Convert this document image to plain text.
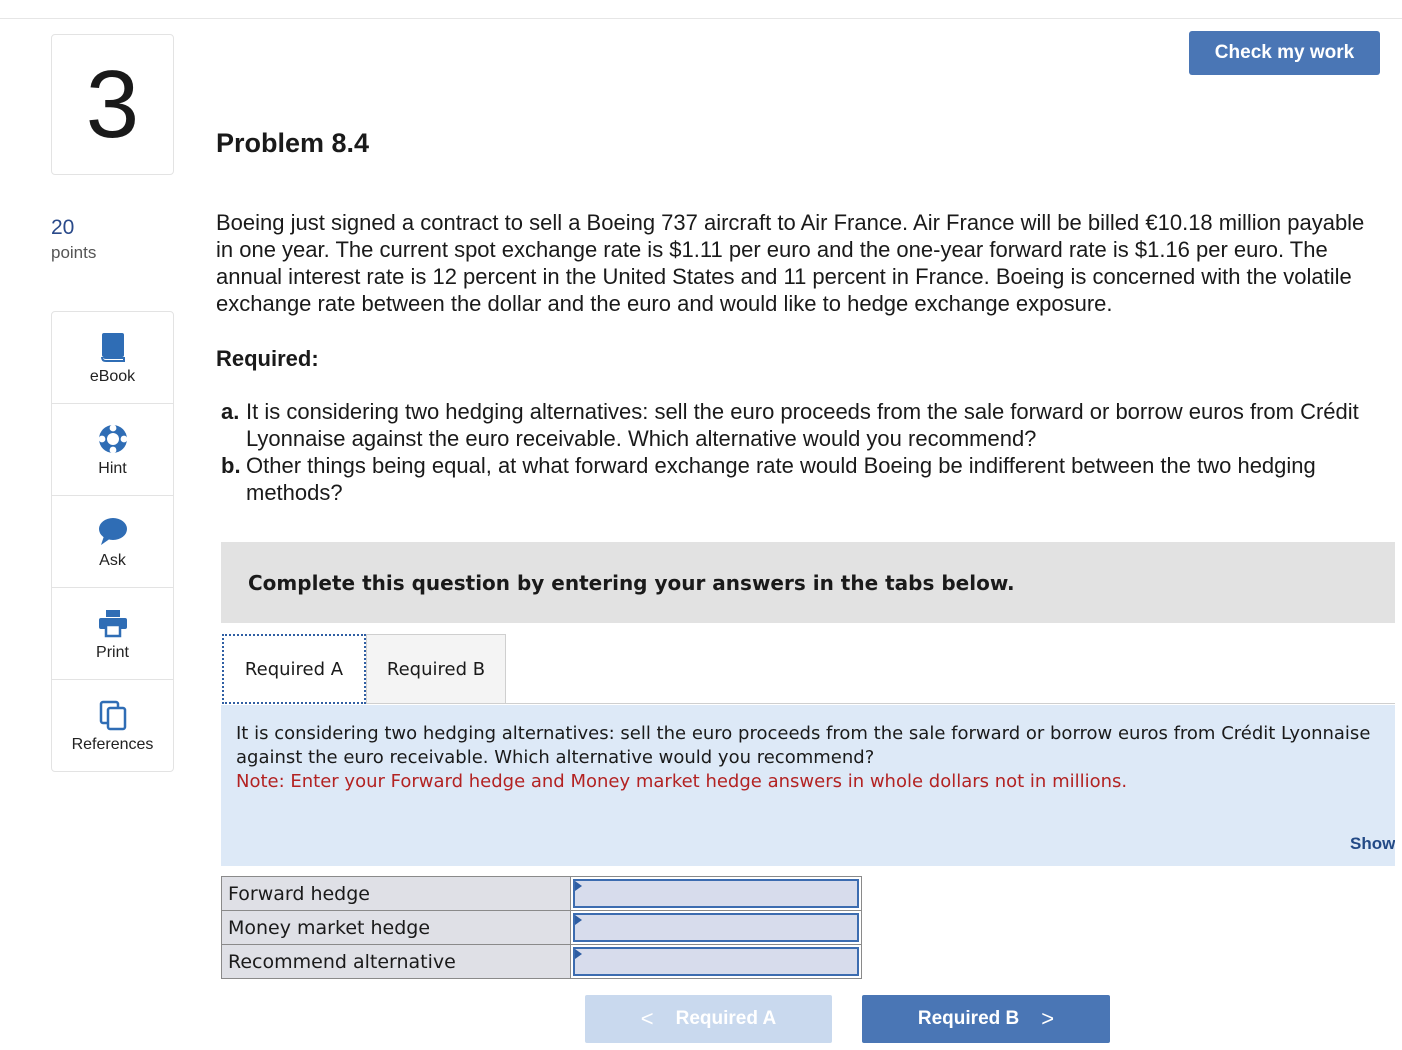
3
20
points
eBook
Hint
Ask
Print
References
Check my work
Problem 8.4

Boeing just signed a contract to sell a Boeing 737 aircraft to Air France. Air France will be billed €10.18 million payable in one year. The current spot exchange rate is $1.11 per euro and the one-year forward rate is $1.16 per euro. The annual interest rate is 12 percent in the United States and 11 percent in France. Boeing is concerned with the volatile exchange rate between the dollar and the euro and would like to hedge exchange exposure.

Required:
a. It is considering two hedging alternatives: sell the euro proceeds from the sale forward or borrow euros from Crédit Lyonnaise against the euro receivable. Which alternative would you recommend?
b. Other things being equal, at what forward exchange rate would Boeing be indifferent between the two hedging methods?
Complete this question by entering your answers in the tabs below.
Required A	Required B
It is considering two hedging alternatives: sell the euro proceeds from the sale forward or borrow euros from Crédit Lyonnaise
against the euro receivable. Which alternative would you recommend?
Note: Enter your Forward hedge and Money market hedge answers in whole dollars not in millions.
Show
Forward hedge	

Money market hedge	

Recommend alternative	
< Required A	Required B >
